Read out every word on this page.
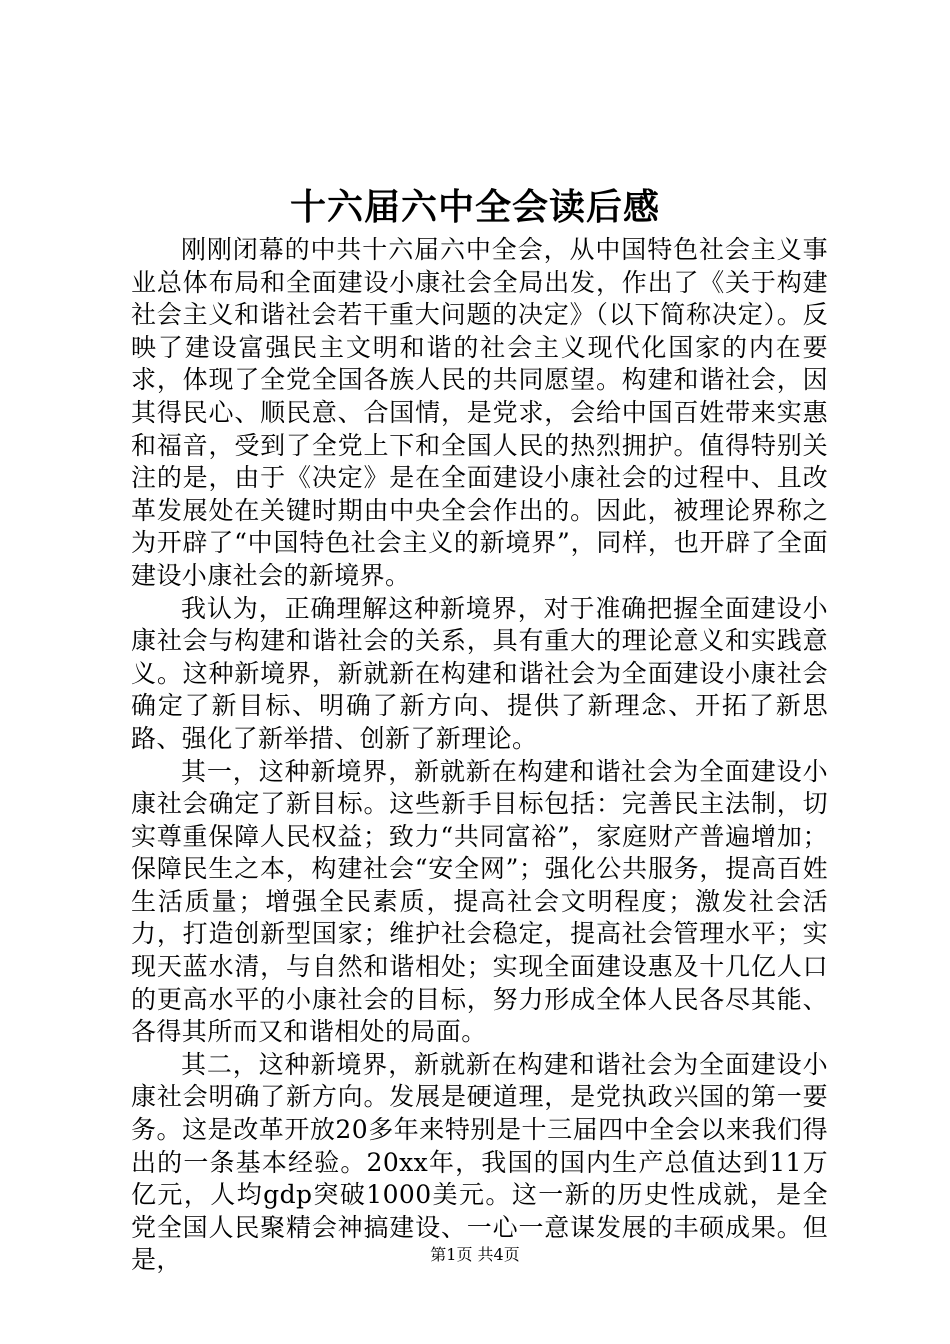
十六届六中全会读后感

刚刚闭幕的中共十六届六中全会，从中国特色社会主义事业总体布局和全面建设小康社会全局出发，作出了《关于构建社会主义和谐社会若干重大问题的决定》（以下简称决定）。反映了建设富强民主文明和谐的社会主义现代化国家的内在要求，体现了全党全国各族人民的共同愿望。构建和谐社会，因其得民心、顺民意、合国情，是党求，会给中国百姓带来实惠和福音，受到了全党上下和全国人民的热烈拥护。值得特别关注的是，由于《决定》是在全面建设小康社会的过程中、且改革发展处在关键时期由中央全会作出的。因此，被理论界称之为开辟了“中国特色社会主义的新境界”，同样，也开辟了全面建设小康社会的新境界。

我认为，正确理解这种新境界，对于准确把握全面建设小康社会与构建和谐社会的关系，具有重大的理论意义和实践意义。这种新境界，新就新在构建和谐社会为全面建设小康社会确定了新目标、明确了新方向、提供了新理念、开拓了新思路、强化了新举措、创新了新理论。

其一，这种新境界，新就新在构建和谐社会为全面建设小康社会确定了新目标。这些新手目标包括：完善民主法制，切实尊重保障人民权益；致力“共同富裕”，家庭财产普遍增加；保障民生之本，构建社会“安全网”；强化公共服务，提高百姓生活质量；增强全民素质，提高社会文明程度；激发社会活力，打造创新型国家；维护社会稳定，提高社会管理水平；实现天蓝水清，与自然和谐相处；实现全面建设惠及十几亿人口的更高水平的小康社会的目标，努力形成全体人民各尽其能、各得其所而又和谐相处的局面。

其二，这种新境界，新就新在构建和谐社会为全面建设小康社会明确了新方向。发展是硬道理，是党执政兴国的第一要务。这是改革开放20多年来特别是十三届四中全会以来我们得出的一条基本经验。20xx年，我国的国内生产总值达到11万亿元，人均gdp突破1000美元。这一新的历史性成就，是全党全国人民聚精会神搞建设、一心一意谋发展的丰硕成果。但是，	第1页 共4页
